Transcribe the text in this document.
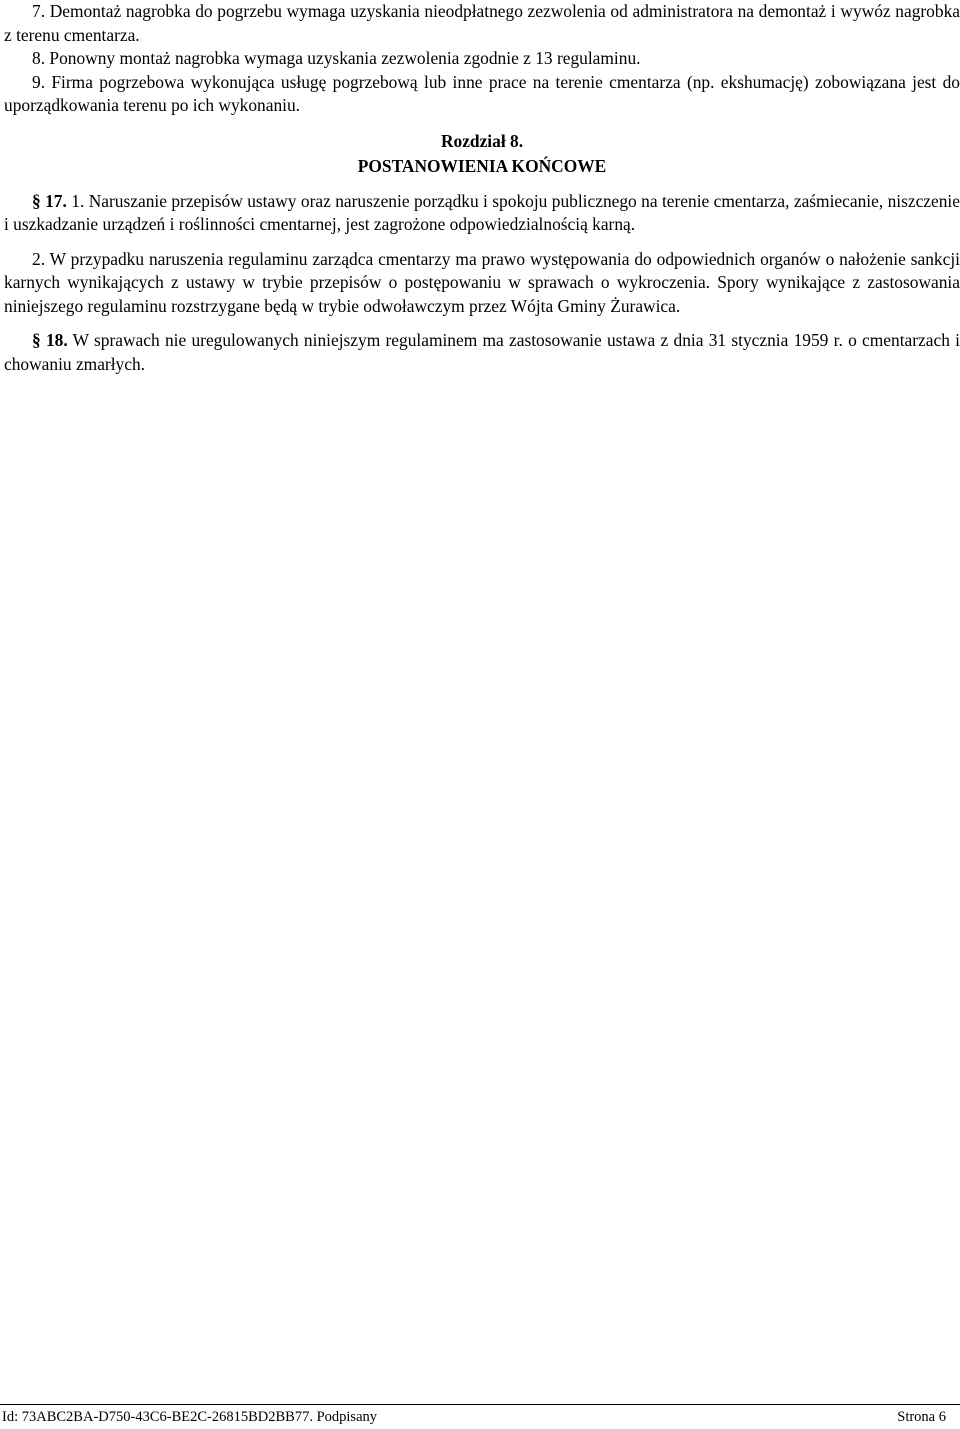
7. Demontaż nagrobka do pogrzebu wymaga uzyskania nieodpłatnego zezwolenia od administratora na demontaż i wywóz nagrobka z terenu cmentarza.

8. Ponowny montaż nagrobka wymaga uzyskania zezwolenia zgodnie z 13 regulaminu.

9. Firma pogrzebowa wykonująca usługę pogrzebową lub inne prace na terenie cmentarza (np. ekshumację) zobowiązana jest do uporządkowania terenu po ich wykonaniu.

Rozdział 8.
POSTANOWIENIA KOŃCOWE

§ 17. 1. Naruszanie przepisów ustawy oraz naruszenie porządku i spokoju publicznego na terenie cmentarza, zaśmiecanie, niszczenie i uszkadzanie urządzeń i roślinności cmentarnej, jest zagrożone odpowiedzialnością karną.

2. W przypadku naruszenia regulaminu zarządca cmentarzy ma prawo występowania do odpowiednich organów o nałożenie sankcji karnych wynikających z ustawy w trybie przepisów o postępowaniu w sprawach o wykroczenia. Spory wynikające z zastosowania niniejszego regulaminu rozstrzygane będą w trybie odwoławczym przez Wójta Gminy Żurawica.

§ 18. W sprawach nie uregulowanych niniejszym regulaminem ma zastosowanie ustawa z dnia 31 stycznia 1959 r. o cmentarzach i chowaniu zmarłych.

Id: 73ABC2BA-D750-43C6-BE2C-26815BD2BB77. Podpisany	Strona 6
